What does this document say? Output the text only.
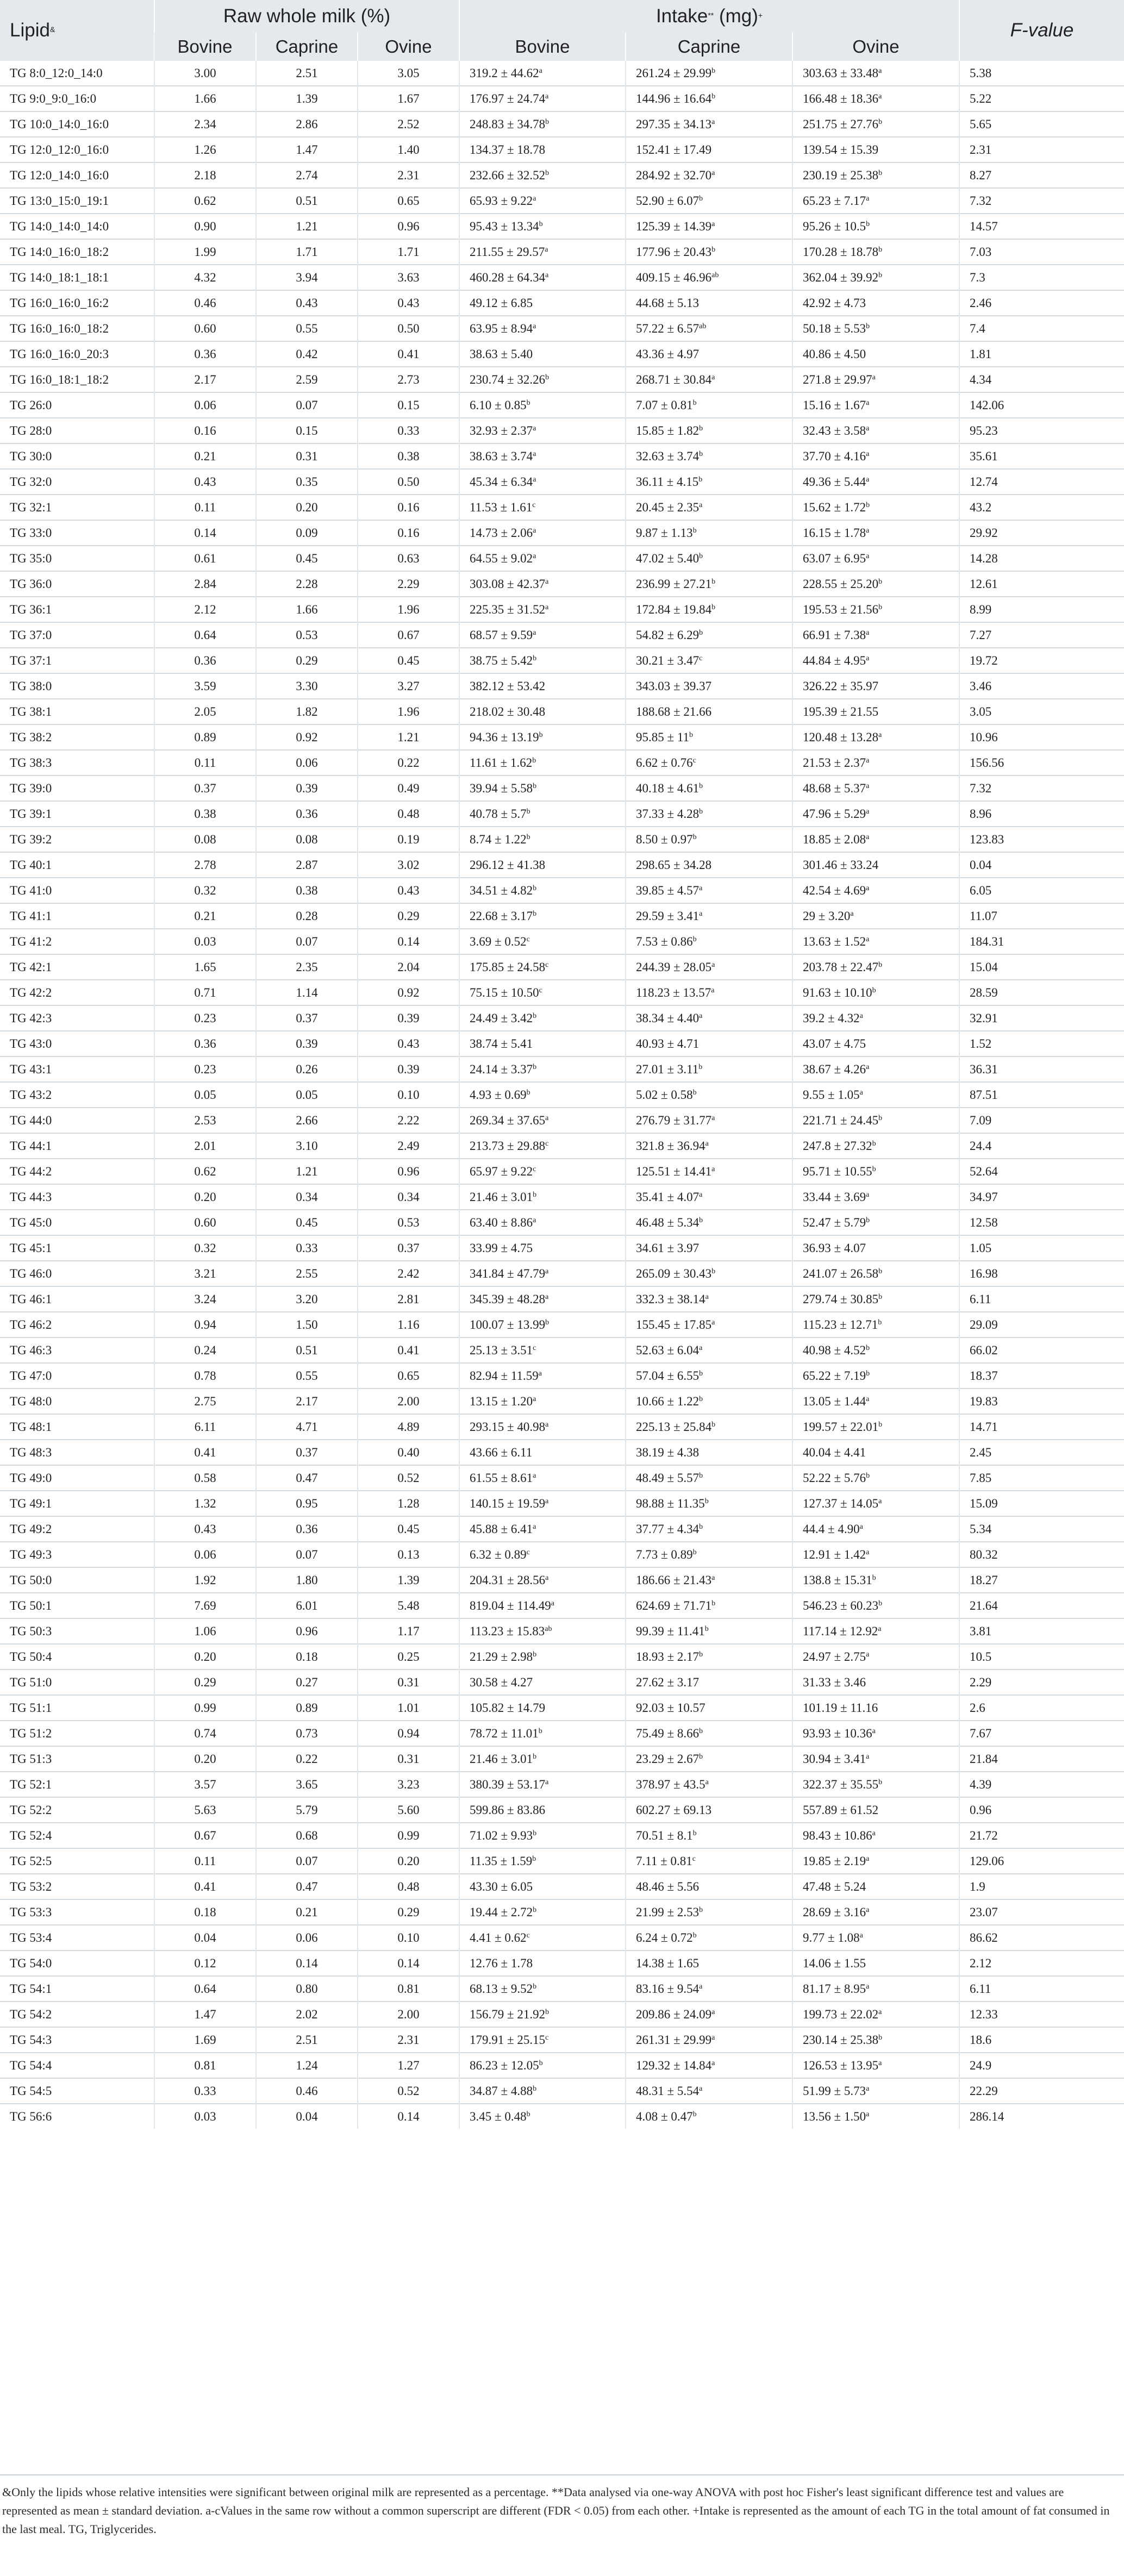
Lipid&	Raw whole milk (%)			Intake** (mg)+			F-value
	Bovine	Caprine	Ovine	Bovine	Caprine	Ovine	
TG 8:0_12:0_14:0	3.00	2.51	3.05	319.2 ± 44.62$^a$	261.24 ± 29.99$^b$	303.63 ± 33.48$^a$	5.38
TG 9:0_9:0_16:0	1.66	1.39	1.67	176.97 ± 24.74$^a$	144.96 ± 16.64$^b$	166.48 ± 18.36$^a$	5.22
TG 10:0_14:0_16:0	2.34	2.86	2.52	248.83 ± 34.78$^b$	297.35 ± 34.13$^a$	251.75 ± 27.76$^b$	5.65
TG 12:0_12:0_16:0	1.26	1.47	1.40	134.37 ± 18.78	152.41 ± 17.49	139.54 ± 15.39	2.31
TG 12:0_14:0_16:0	2.18	2.74	2.31	232.66 ± 32.52$^b$	284.92 ± 32.70$^a$	230.19 ± 25.38$^b$	8.27
TG 13:0_15:0_19:1	0.62	0.51	0.65	65.93 ± 9.22$^a$	52.90 ± 6.07$^b$	65.23 ± 7.17$^a$	7.32
TG 14:0_14:0_14:0	0.90	1.21	0.96	95.43 ± 13.34$^b$	125.39 ± 14.39$^a$	95.26 ± 10.5$^b$	14.57
TG 14:0_16:0_18:2	1.99	1.71	1.71	211.55 ± 29.57$^a$	177.96 ± 20.43$^b$	170.28 ± 18.78$^b$	7.03
TG 14:0_18:1_18:1	4.32	3.94	3.63	460.28 ± 64.34$^a$	409.15 ± 46.96$^{ab}$	362.04 ± 39.92$^b$	7.3
TG 16:0_16:0_16:2	0.46	0.43	0.43	49.12 ± 6.85	44.68 ± 5.13	42.92 ± 4.73	2.46
TG 16:0_16:0_18:2	0.60	0.55	0.50	63.95 ± 8.94$^a$	57.22 ± 6.57$^{ab}$	50.18 ± 5.53$^b$	7.4
TG 16:0_16:0_20:3	0.36	0.42	0.41	38.63 ± 5.40	43.36 ± 4.97	40.86 ± 4.50	1.81
TG 16:0_18:1_18:2	2.17	2.59	2.73	230.74 ± 32.26$^b$	268.71 ± 30.84$^a$	271.8 ± 29.97$^a$	4.34
TG 26:0	0.06	0.07	0.15	6.10 ± 0.85$^b$	7.07 ± 0.81$^b$	15.16 ± 1.67$^a$	142.06
TG 28:0	0.16	0.15	0.33	32.93 ± 2.37$^a$	15.85 ± 1.82$^b$	32.43 ± 3.58$^a$	95.23
TG 30:0	0.21	0.31	0.38	38.63 ± 3.74$^a$	32.63 ± 3.74$^b$	37.70 ± 4.16$^a$	35.61
TG 32:0	0.43	0.35	0.50	45.34 ± 6.34$^a$	36.11 ± 4.15$^b$	49.36 ± 5.44$^a$	12.74
TG 32:1	0.11	0.20	0.16	11.53 ± 1.61$^c$	20.45 ± 2.35$^a$	15.62 ± 1.72$^b$	43.2
TG 33:0	0.14	0.09	0.16	14.73 ± 2.06$^a$	9.87 ± 1.13$^b$	16.15 ± 1.78$^a$	29.92
TG 35:0	0.61	0.45	0.63	64.55 ± 9.02$^a$	47.02 ± 5.40$^b$	63.07 ± 6.95$^a$	14.28
TG 36:0	2.84	2.28	2.29	303.08 ± 42.37$^a$	236.99 ± 27.21$^b$	228.55 ± 25.20$^b$	12.61
TG 36:1	2.12	1.66	1.96	225.35 ± 31.52$^a$	172.84 ± 19.84$^b$	195.53 ± 21.56$^b$	8.99
TG 37:0	0.64	0.53	0.67	68.57 ± 9.59$^a$	54.82 ± 6.29$^b$	66.91 ± 7.38$^a$	7.27
TG 37:1	0.36	0.29	0.45	38.75 ± 5.42$^b$	30.21 ± 3.47$^c$	44.84 ± 4.95$^a$	19.72
TG 38:0	3.59	3.30	3.27	382.12 ± 53.42	343.03 ± 39.37	326.22 ± 35.97	3.46
TG 38:1	2.05	1.82	1.96	218.02 ± 30.48	188.68 ± 21.66	195.39 ± 21.55	3.05
TG 38:2	0.89	0.92	1.21	94.36 ± 13.19$^b$	$95.85 \pm 11^b$	120.48 ± 13.28$^a$	10.96
TG 38:3	0.11	0.06	0.22	11.61 ± 1.62$^b$	6.62 ± 0.76$^c$	21.53 ± 2.37$^a$	156.56
TG 39:0	0.37	0.39	0.49	39.94 ± 5.58$^b$	40.18 ± 4.61$^b$	48.68 ± 5.37$^a$	7.32
TG 39:1	0.38	0.36	0.48	40.78 ± 5.7$^b$	37.33 ± 4.28$^b$	47.96 ± 5.29$^a$	8.96
TG 39:2	0.08	0.08	0.19	8.74 ± 1.22$^b$	8.50 ± 0.97$^b$	18.85 ± 2.08$^a$	123.83
TG 40:1	2.78	2.87	3.02	296.12 ± 41.38	298.65 ± 34.28	301.46 ± 33.24	0.04
TG 41:0	0.32	0.38	0.43	34.51 ± 4.82$^b$	39.85 ± 4.57$^a$	42.54 ± 4.69$^a$	6.05
TG 41:1	0.21	0.28	0.29	22.68 ± 3.17$^b$	29.59 ± 3.41$^a$	29 ± 3.20$^a$	11.07
TG 41:2	0.03	0.07	0.14	3.69 ± 0.52$^c$	7.53 ± 0.86$^b$	13.63 ± 1.52$^a$	184.31
TG 42:1	1.65	2.35	2.04	175.85 ± 24.58$^c$	244.39 ± 28.05$^a$	203.78 ± 22.47$^b$	15.04
TG 42:2	0.71	1.14	0.92	75.15 ± 10.50$^c$	118.23 ± 13.57$^a$	91.63 ± 10.10$^b$	28.59
TG 42:3	0.23	0.37	0.39	24.49 ± 3.42$^b$	38.34 ± 4.40$^a$	39.2 ± 4.32$^a$	32.91
TG 43:0	0.36	0.39	0.43	38.74 ± 5.41	40.93 ± 4.71	43.07 ± 4.75	1.52
TG 43:1	0.23	0.26	0.39	24.14 ± 3.37$^b$	27.01 ± 3.11$^b$	38.67 ± 4.26$^a$	36.31
TG 43:2	0.05	0.05	0.10	4.93 ± 0.69$^b$	5.02 ± 0.58$^b$	9.55 ± 1.05$^a$	87.51
TG 44:0	2.53	2.66	2.22	269.34 ± 37.65$^a$	276.79 ± 31.77$^a$	221.71 ± 24.45$^b$	7.09
TG 44:1	2.01	3.10	2.49	213.73 ± 29.88$^c$	321.8 ± 36.94$^a$	247.8 ± 27.32$^b$	24.4
TG 44:2	0.62	1.21	0.96	65.97 ± 9.22$^c$	125.51 ± 14.41$^a$	95.71 ± 10.55$^b$	52.64
TG 44:3	0.20	0.34	0.34	21.46 ± 3.01$^b$	35.41 ± 4.07$^a$	33.44 ± 3.69$^a$	34.97
TG 45:0	0.60	0.45	0.53	63.40 ± 8.86$^a$	46.48 ± 5.34$^b$	52.47 ± 5.79$^b$	12.58
TG 45:1	0.32	0.33	0.37	33.99 ± 4.75	34.61 ± 3.97	36.93 ± 4.07	1.05
TG 46:0	3.21	2.55	2.42	341.84 ± 47.79$^a$	265.09 ± 30.43$^b$	241.07 ± 26.58$^b$	16.98
TG 46:1	3.24	3.20	2.81	345.39 ± 48.28$^a$	332.3 ± 38.14$^a$	279.74 ± 30.85$^b$	6.11
TG 46:2	0.94	1.50	1.16	100.07 ± 13.99$^b$	155.45 ± 17.85$^a$	115.23 ± 12.71$^b$	29.09
TG 46:3	0.24	0.51	0.41	25.13 ± 3.51$^c$	52.63 ± 6.04$^a$	40.98 ± 4.52$^b$	66.02
TG 47:0	0.78	0.55	0.65	82.94 ± 11.59$^a$	57.04 ± 6.55$^b$	65.22 ± 7.19$^b$	18.37
TG 48:0	2.75	2.17	2.00	13.15 ± 1.20$^a$	10.66 ± 1.22$^b$	13.05 ± 1.44$^a$	19.83
TG 48:1	6.11	4.71	4.89	293.15 ± 40.98$^a$	225.13 ± 25.84$^b$	199.57 ± 22.01$^b$	14.71
TG 48:3	0.41	0.37	0.40	43.66 ± 6.11	38.19 ± 4.38	40.04 ± 4.41	2.45
TG 49:0	0.58	0.47	0.52	61.55 ± 8.61$^a$	48.49 ± 5.57$^b$	52.22 ± 5.76$^b$	7.85
TG 49:1	1.32	0.95	1.28	140.15 ± 19.59$^a$	98.88 ± 11.35$^b$	127.37 ± 14.05$^a$	15.09
TG 49:2	0.43	0.36	0.45	45.88 ± 6.41$^a$	37.77 ± 4.34$^b$	44.4 ± 4.90$^a$	5.34
TG 49:3	0.06	0.07	0.13	6.32 ± 0.89$^c$	7.73 ± 0.89$^b$	12.91 ± 1.42$^a$	80.32
TG 50:0	1.92	1.80	1.39	204.31 ± 28.56$^a$	186.66 ± 21.43$^a$	138.8 ± 15.31$^b$	18.27
TG 50:1	7.69	6.01	5.48	819.04 ± 114.49$^a$	624.69 ± 71.71$^b$	546.23 ± 60.23$^b$	21.64
TG 50:3	1.06	0.96	1.17	113.23 ± 15.83$^{ab}$	99.39 ± 11.41$^b$	117.14 ± 12.92$^a$	3.81
TG 50:4	0.20	0.18	0.25	21.29 ± 2.98$^b$	18.93 ± 2.17$^b$	24.97 ± 2.75$^a$	10.5
TG 51:0	0.29	0.27	0.31	30.58 ± 4.27	27.62 ± 3.17	31.33 ± 3.46	2.29
TG 51:1	0.99	0.89	1.01	105.82 ± 14.79	92.03 ± 10.57	101.19 ± 11.16	2.6
TG 51:2	0.74	0.73	0.94	78.72 ± 11.01$^b$	75.49 ± 8.66$^b$	93.93 ± 10.36$^a$	7.67
TG 51:3	0.20	0.22	0.31	21.46 ± 3.01$^b$	23.29 ± 2.67$^b$	30.94 ± 3.41$^a$	21.84
TG 52:1	3.57	3.65	3.23	380.39 ± 53.17$^a$	378.97 ± 43.5$^a$	322.37 ± 35.55$^b$	4.39
TG 52:2	5.63	5.79	5.60	599.86 ± 83.86	602.27 ± 69.13	557.89 ± 61.52	0.96
TG 52:4	0.67	0.68	0.99	71.02 ± 9.93$^b$	70.51 ± 8.1$^b$	98.43 ± 10.86$^a$	21.72
TG 52:5	0.11	0.07	0.20	11.35 ± 1.59$^b$	7.11 ± 0.81$^c$	19.85 ± 2.19$^a$	129.06
TG 53:2	0.41	0.47	0.48	43.30 ± 6.05	48.46 ± 5.56	47.48 ± 5.24	1.9
TG 53:3	0.18	0.21	0.29	19.44 ± 2.72$^b$	21.99 ± 2.53$^b$	28.69 ± 3.16$^a$	23.07
TG 53:4	0.04	0.06	0.10	4.41 ± 0.62$^c$	6.24 ± 0.72$^b$	9.77 ± 1.08$^a$	86.62
TG 54:0	0.12	0.14	0.14	12.76 ± 1.78	14.38 ± 1.65	14.06 ± 1.55	2.12
TG 54:1	0.64	0.80	0.81	68.13 ± 9.52$^b$	83.16 ± 9.54$^a$	81.17 ± 8.95$^a$	6.11
TG 54:2	1.47	2.02	2.00	156.79 ± 21.92$^b$	209.86 ± 24.09$^a$	199.73 ± 22.02$^a$	12.33
TG 54:3	1.69	2.51	2.31	179.91 ± 25.15$^c$	261.31 ± 29.99$^a$	230.14 ± 25.38$^b$	18.6
TG 54:4	0.81	1.24	1.27	86.23 ± 12.05$^b$	129.32 ± 14.84$^a$	126.53 ± 13.95$^a$	24.9
TG 54:5	0.33	0.46	0.52	34.87 ± 4.88$^b$	48.31 ± 5.54$^a$	51.99 ± 5.73$^a$	22.29
TG 56:6	0.03	0.04	0.14	3.45 ± 0.48$^b$	4.08 ± 0.47$^b$	13.56 ± 1.50$^a$	286.14

&Only the lipids whose relative intensities were significant between original milk are represented as a percentage. **Data analysed via one-way ANOVA with post hoc Fisher's least significant difference test and values are represented as mean ± standard deviation. a-cValues in the same row without a common superscript are different (FDR < 0.05) from each other. +Intake is represented as the amount of each TG in the total amount of fat consumed in the last meal. TG, Triglycerides.
